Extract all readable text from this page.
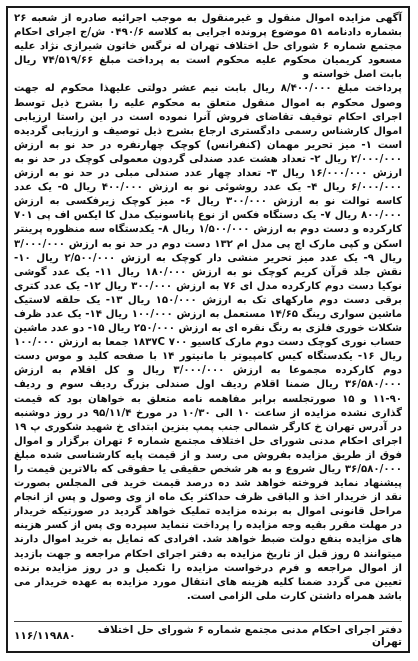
آگهی مزایده اموال منقول و غیرمنقول به موجب اجرائیه صادره از شعبه ۲۶ بشماره دادنامه ۵۱ موضوع پرونده اجرایی به کلاسه ۰۴۹۰/۶ ش/ج اجرای احکام مجتمع شماره ۶ شورای حل اختلاف تهران له نرگس خاتون شیرازی نژاد علیه مسعود کریمیان محکوم علیه محکوم است به پرداخت مبلغ ۷۴/۵۱۹/۶۶ ریال بابت اصل خواسته و

پرداخت مبلغ ۸/۴۰۰/۰۰۰ ریال بابت نیم عشر دولتی علیهذا محکوم له جهت وصول محکوم به اموال منقول متعلق به محکوم علیه را بشرح ذیل توسط اجرای احکام توقیف تقاضای فروش آنرا نموده است در این راستا ارزیابی اموال کارشناس رسمی دادگستری ارجاع بشرح ذیل توصیف و ارزیابی گردیده است ۱- میز تحریر مهمان (کنفرانس) کوچک چهارنفره در حد نو به ارزش ۲/۰۰۰/۰۰۰ ریال ۲- تعداد هشت عدد صندلی گردون معمولی کوچک در حد نو به ارزش ۱۶/۰۰۰/۰۰۰ ریال ۳- تعداد چهار عدد صندلی مبلی در حد نو به ارزش ۶/۰۰۰/۰۰۰ ریال ۴- یک عدد روشوئی نو به ارزش ۴۰۰/۰۰۰ ریال ۵- یک عدد کاسه توالت نو به ارزش ۳۰۰/۰۰۰ ریال ۶- میز کوچک زیرفکسی به ارزش ۸۰۰/۰۰۰ ریال ۷- یک دستگاه فکس از نوع پاناسونیک مدل کا ایکس اف پی ۷۰۱ کارکرده و دست دوم به ارزش ۱/۵۰۰/۰۰۰ ریال ۸- یکدستگاه سه منظوره پرینتر اسکن و کپی مارک اچ پی مدل ام ۱۳۲ دست دوم در حد نو به ارزش ۳/۰۰۰/۰۰۰ ریال ۹- یک عدد میز تحریر منشی دار کوچک به ارزش ۲/۵۰۰/۰۰۰ ریال ۱۰- نقش جلد قرآن کریم کوچک نو به ارزش ۱۸۰/۰۰۰ ریال ۱۱- یک عدد گوشی نوکیا دست دوم کارکرده مدل ای ۷۶ به ارزش ۳۰۰/۰۰۰ ریال ۱۲- یک عدد کتری برقی دست دوم مارکهای تک به ارزش ۱۵۰/۰۰۰ ریال ۱۳- یک حلقه لاستیک ماشین سواری رینگ ۱۴/۶۵ مستعمل به ارزش ۱۰۰/۰۰۰ ریال ۱۴- یک عدد ظرف شکلات خوری فلزی به رنگ نقره ای به ارزش ۲۵۰/۰۰۰ ریال ۱۵- دو عدد ماشین حساب نوری کوچک دست دوم مارک کاسیو ۱۸۳۷C ۷۰۰ جمعا به ارزش ۱۰۰/۰۰۰ ریال ۱۶- یکدستگاه کیس کامپیوتر با مانیتور ۱۴ با صفحه کلید و موس دست دوم کارکرده مجموعا به ارزش ۳/۰۰۰/۰۰۰ ریال و کل اقلام به ارزش ۳۶/۵۸۰/۰۰۰ ریال ضمنا اقلام ردیف اول صندلی بزرگ ردیف سوم و ردیف ۹۰-۱۱ و ۱۵ صورتجلسه برابر مفاهمه نامه متعلق به خواهان بود که قیمت گذاری نشده مزایده از ساعت ۱۰ الی ۱۰/۳۰ در مورخ ۹۵/۱۱/۴ در روز دوشنبه در آدرس تهران خ کارگر شمالی جنب پمپ بنزین ابتدای خ شهید شکوری پ ۱۹ اجرای احکام مدنی شورای حل اختلاف مجتمع شماره ۶ تهران برگزار و اموال فوق از طریق مزایده بفروش می رسد و از قیمت پایه کارشناسی شده مبلغ ۳۶/۵۸۰/۰۰۰ ریال شروع و به هر شخص حقیقی یا حقوقی که بالاترین قیمت را پیشنهاد نماید فروخته خواهد شد ده درصد قیمت خرید فی المجلس بصورت نقد از خریدار اخذ و الباقی ظرف حداکثر یک ماه از وی وصول و پس از انجام مراحل قانونی اموال به برنده مزایده تملیک خواهد گردید در صورتیکه خریدار در مهلت مقرر بقیه وجه مزایده را پرداخت ننماید سپرده وی پس از کسر هزینه های مزایده بنفع دولت ضبط خواهد شد. افرادی که تمایل به خرید اموال دارند میتوانند ۵ روز قبل از تاریخ مزایده به دفتر اجرای احکام مراجعه و جهت بازدید از اموال مراجعه و فرم درخواست مزایده را تکمیل و در روز مزایده برنده تعیین می گردد ضمنا کلیه هزینه های انتقال مورد مزایده به عهده خریدار می باشد همراه داشتن کارت ملی الزامی است.

دفتر اجرای احکام مدنی مجتمع شماره ۶ شورای حل اختلاف تهران
۱۱۶/۱۱۹۸۸۰
